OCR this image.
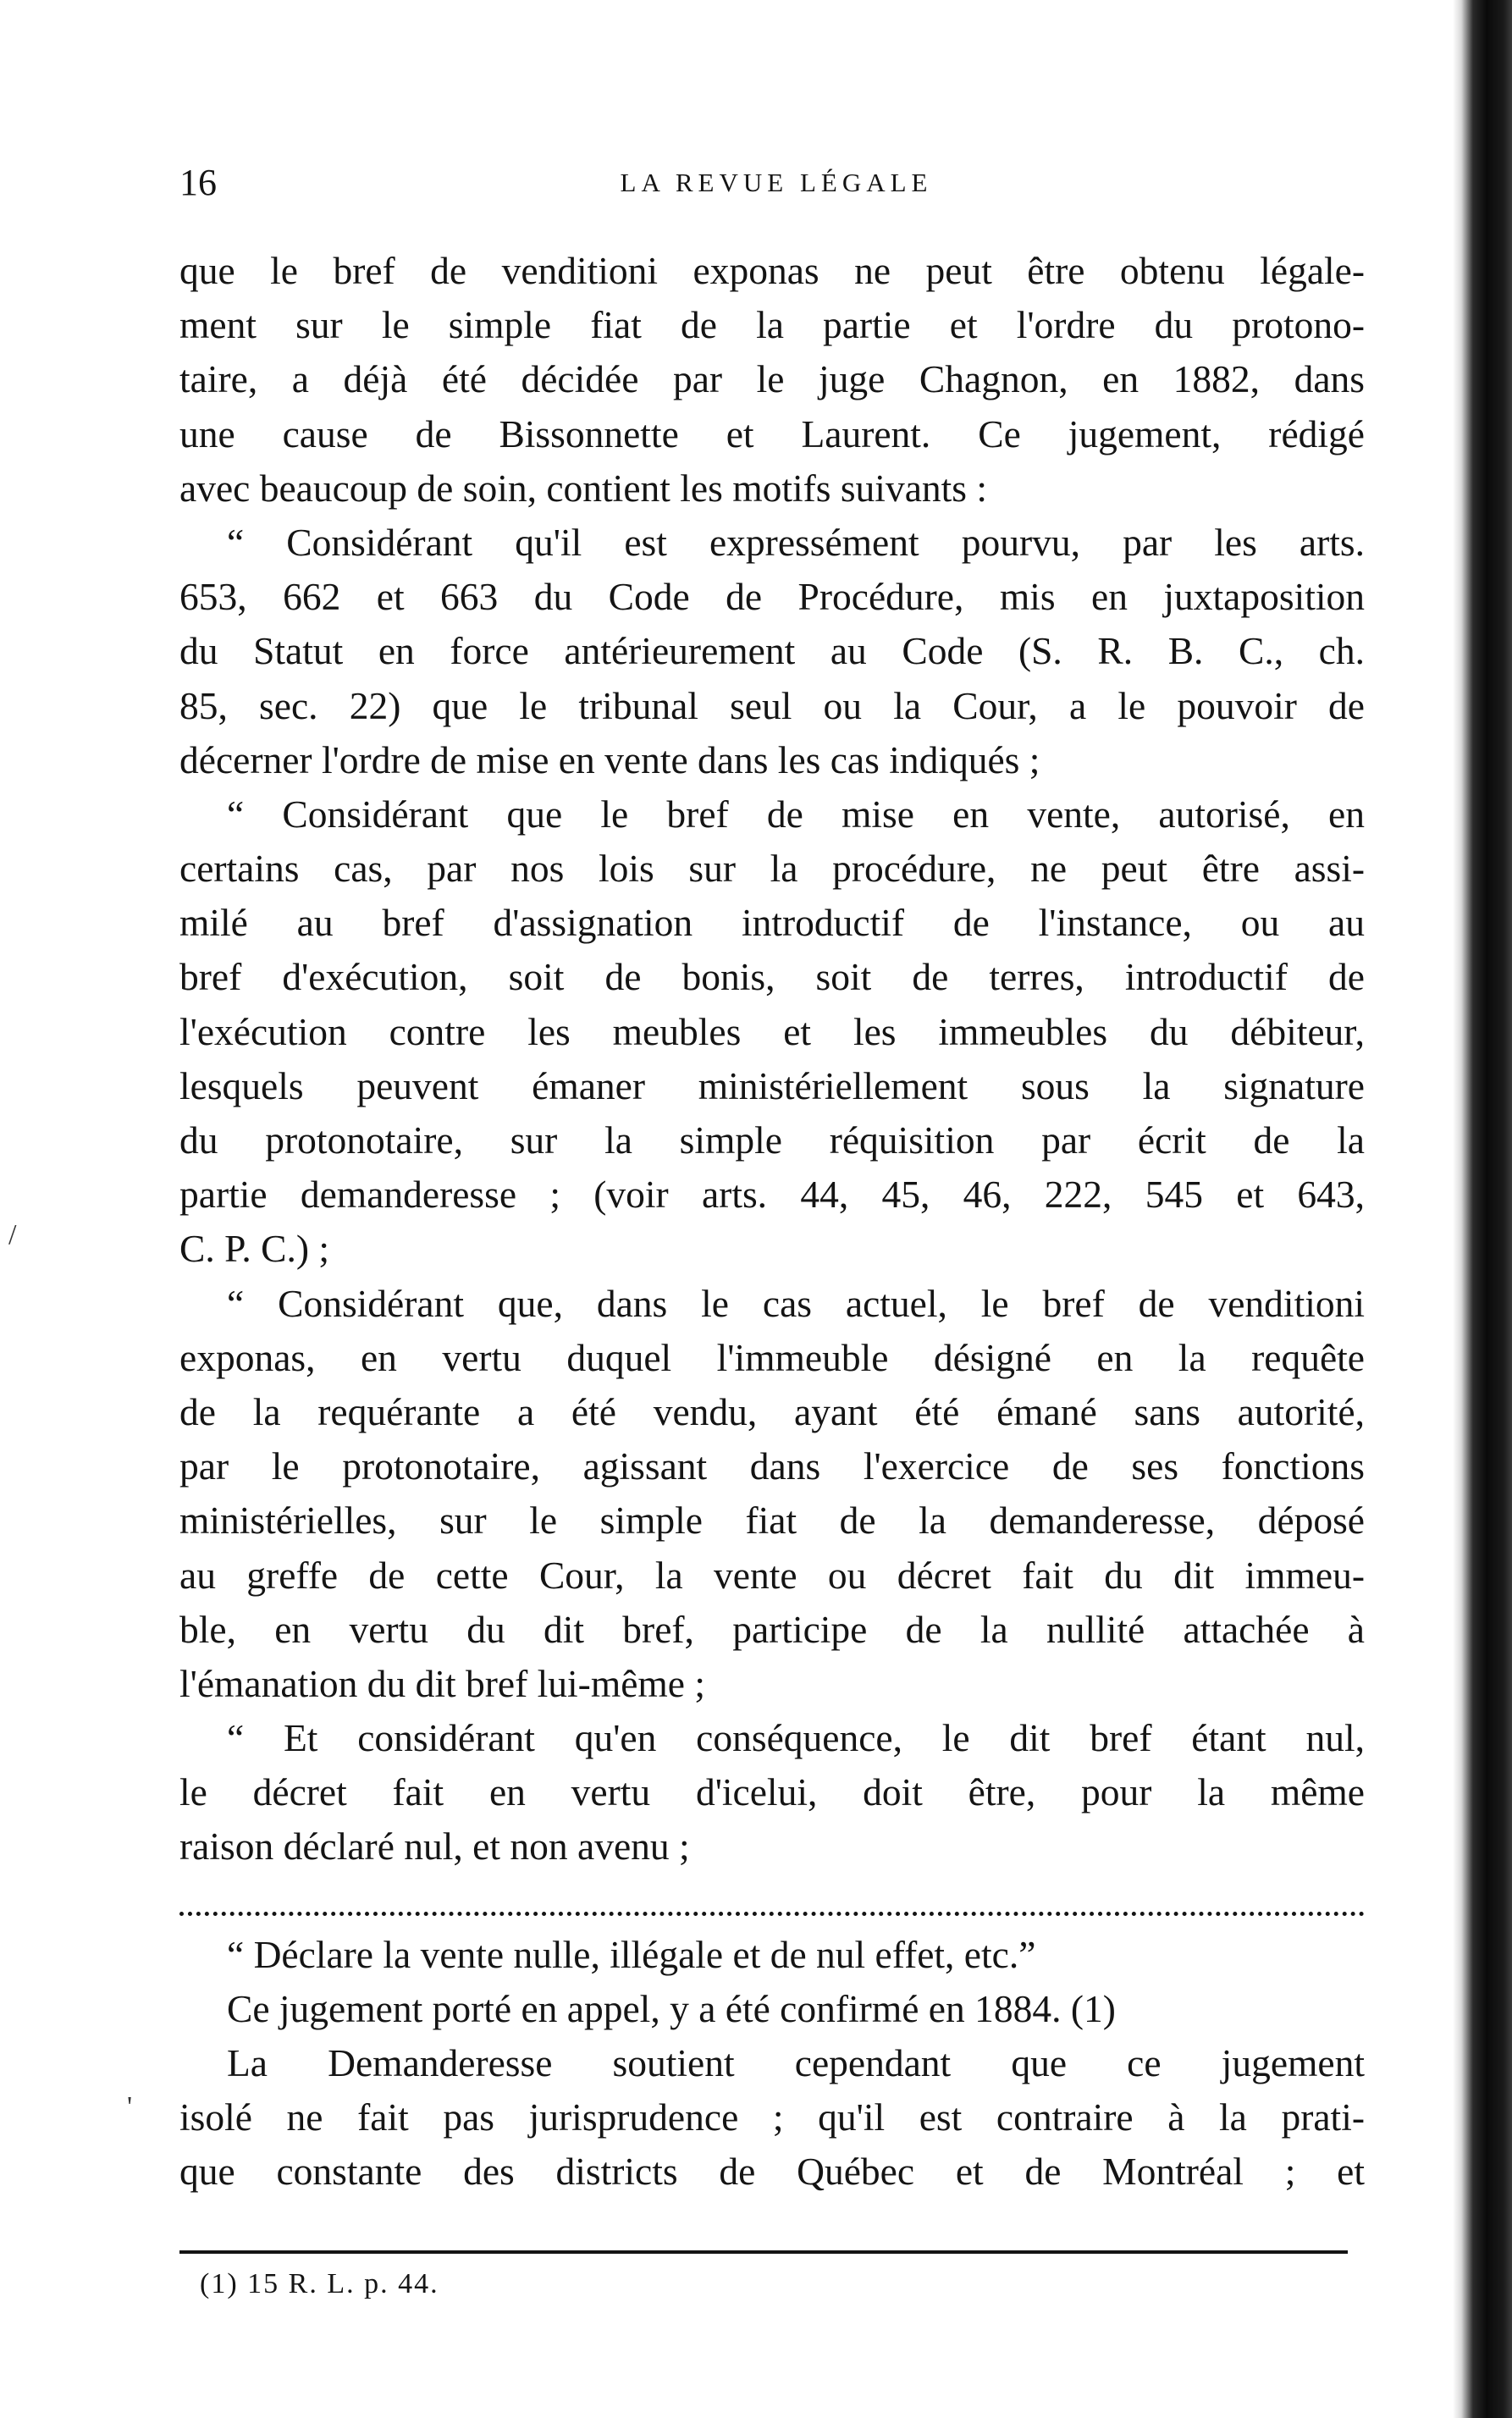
/
'
16	LA REVUE LÉGALE
que le bref de venditioni exponas ne peut être obtenu légale-
ment sur le simple fiat de la partie et l'ordre du protono-
taire, a déjà été décidée par le juge Chagnon, en 1882, dans
une cause de Bissonnette et Laurent. Ce jugement, rédigé
avec beaucoup de soin, contient les motifs suivants :
“ Considérant qu'il est expressément pourvu, par les arts.
653, 662 et 663 du Code de Procédure, mis en juxtaposition
du Statut en force antérieurement au Code (S. R. B. C., ch.
85, sec. 22) que le tribunal seul ou la Cour, a le pouvoir de
décerner l'ordre de mise en vente dans les cas indiqués ;
“ Considérant que le bref de mise en vente, autorisé, en
certains cas, par nos lois sur la procédure, ne peut être assi-
milé au bref d'assignation introductif de l'instance, ou au
bref d'exécution, soit de bonis, soit de terres, introductif de
l'exécution contre les meubles et les immeubles du débiteur,
lesquels peuvent émaner ministériellement sous la signature
du protonotaire, sur la simple réquisition par écrit de la
partie demanderesse ; (voir arts. 44, 45, 46, 222, 545 et 643,
C. P. C.) ;
“ Considérant que, dans le cas actuel, le bref de venditioni
exponas, en vertu duquel l'immeuble désigné en la requête
de la requérante a été vendu, ayant été émané sans autorité,
par le protonotaire, agissant dans l'exercice de ses fonctions
ministérielles, sur le simple fiat de la demanderesse, déposé
au greffe de cette Cour, la vente ou décret fait du dit immeu-
ble, en vertu du dit bref, participe de la nullité attachée à
l'émanation du dit bref lui-même ;
“ Et considérant qu'en conséquence, le dit bref étant nul,
le décret fait en vertu d'icelui, doit être, pour la même
raison déclaré nul, et non avenu ;
“ Déclare la vente nulle, illégale et de nul effet, etc.”
Ce jugement porté en appel, y a été confirmé en 1884. (1)
La Demanderesse soutient cependant que ce jugement
isolé ne fait pas jurisprudence ; qu'il est contraire à la prati-
que constante des districts de Québec et de Montréal ; et
(1) 15 R. L. p. 44.
